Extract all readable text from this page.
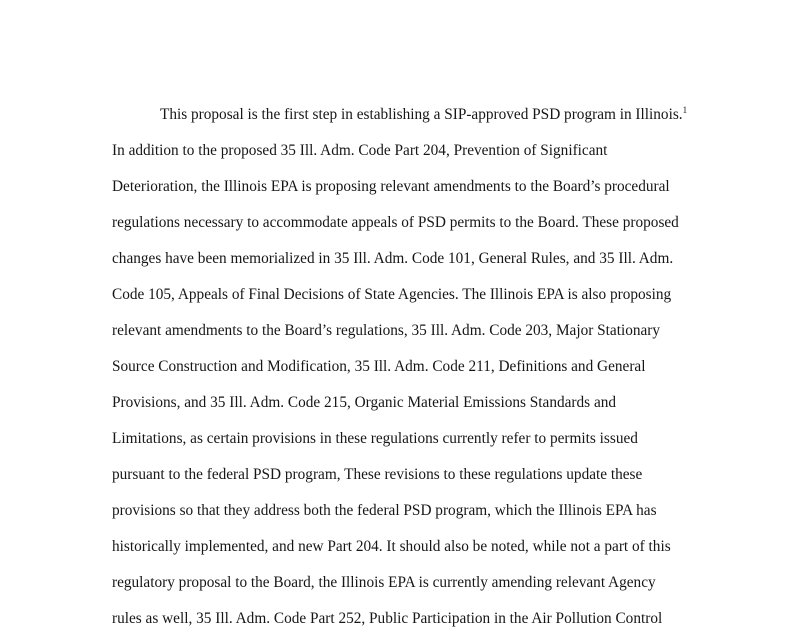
This proposal is the first step in establishing a SIP-approved PSD program in Illinois.$^1$

In addition to the proposed 35 Ill. Adm. Code Part 204, Prevention of Significant

Deterioration, the Illinois EPA is proposing relevant amendments to the Board’s procedural

regulations necessary to accommodate appeals of PSD permits to the Board. These proposed

changes have been memorialized in 35 Ill. Adm. Code 101, General Rules, and 35 Ill. Adm.

Code 105, Appeals of Final Decisions of State Agencies. The Illinois EPA is also proposing

relevant amendments to the Board’s regulations, 35 Ill. Adm. Code 203, Major Stationary

Source Construction and Modification, 35 Ill. Adm. Code 211, Definitions and General

Provisions, and 35 Ill. Adm. Code 215, Organic Material Emissions Standards and

Limitations, as certain provisions in these regulations currently refer to permits issued

pursuant to the federal PSD program, These revisions to these regulations update these

provisions so that they address both the federal PSD program, which the Illinois EPA has

historically implemented, and new Part 204. It should also be noted, while not a part of this

regulatory proposal to the Board, the Illinois EPA is currently amending relevant Agency

rules as well, 35 Ill. Adm. Code Part 252, Public Participation in the Air Pollution Control
